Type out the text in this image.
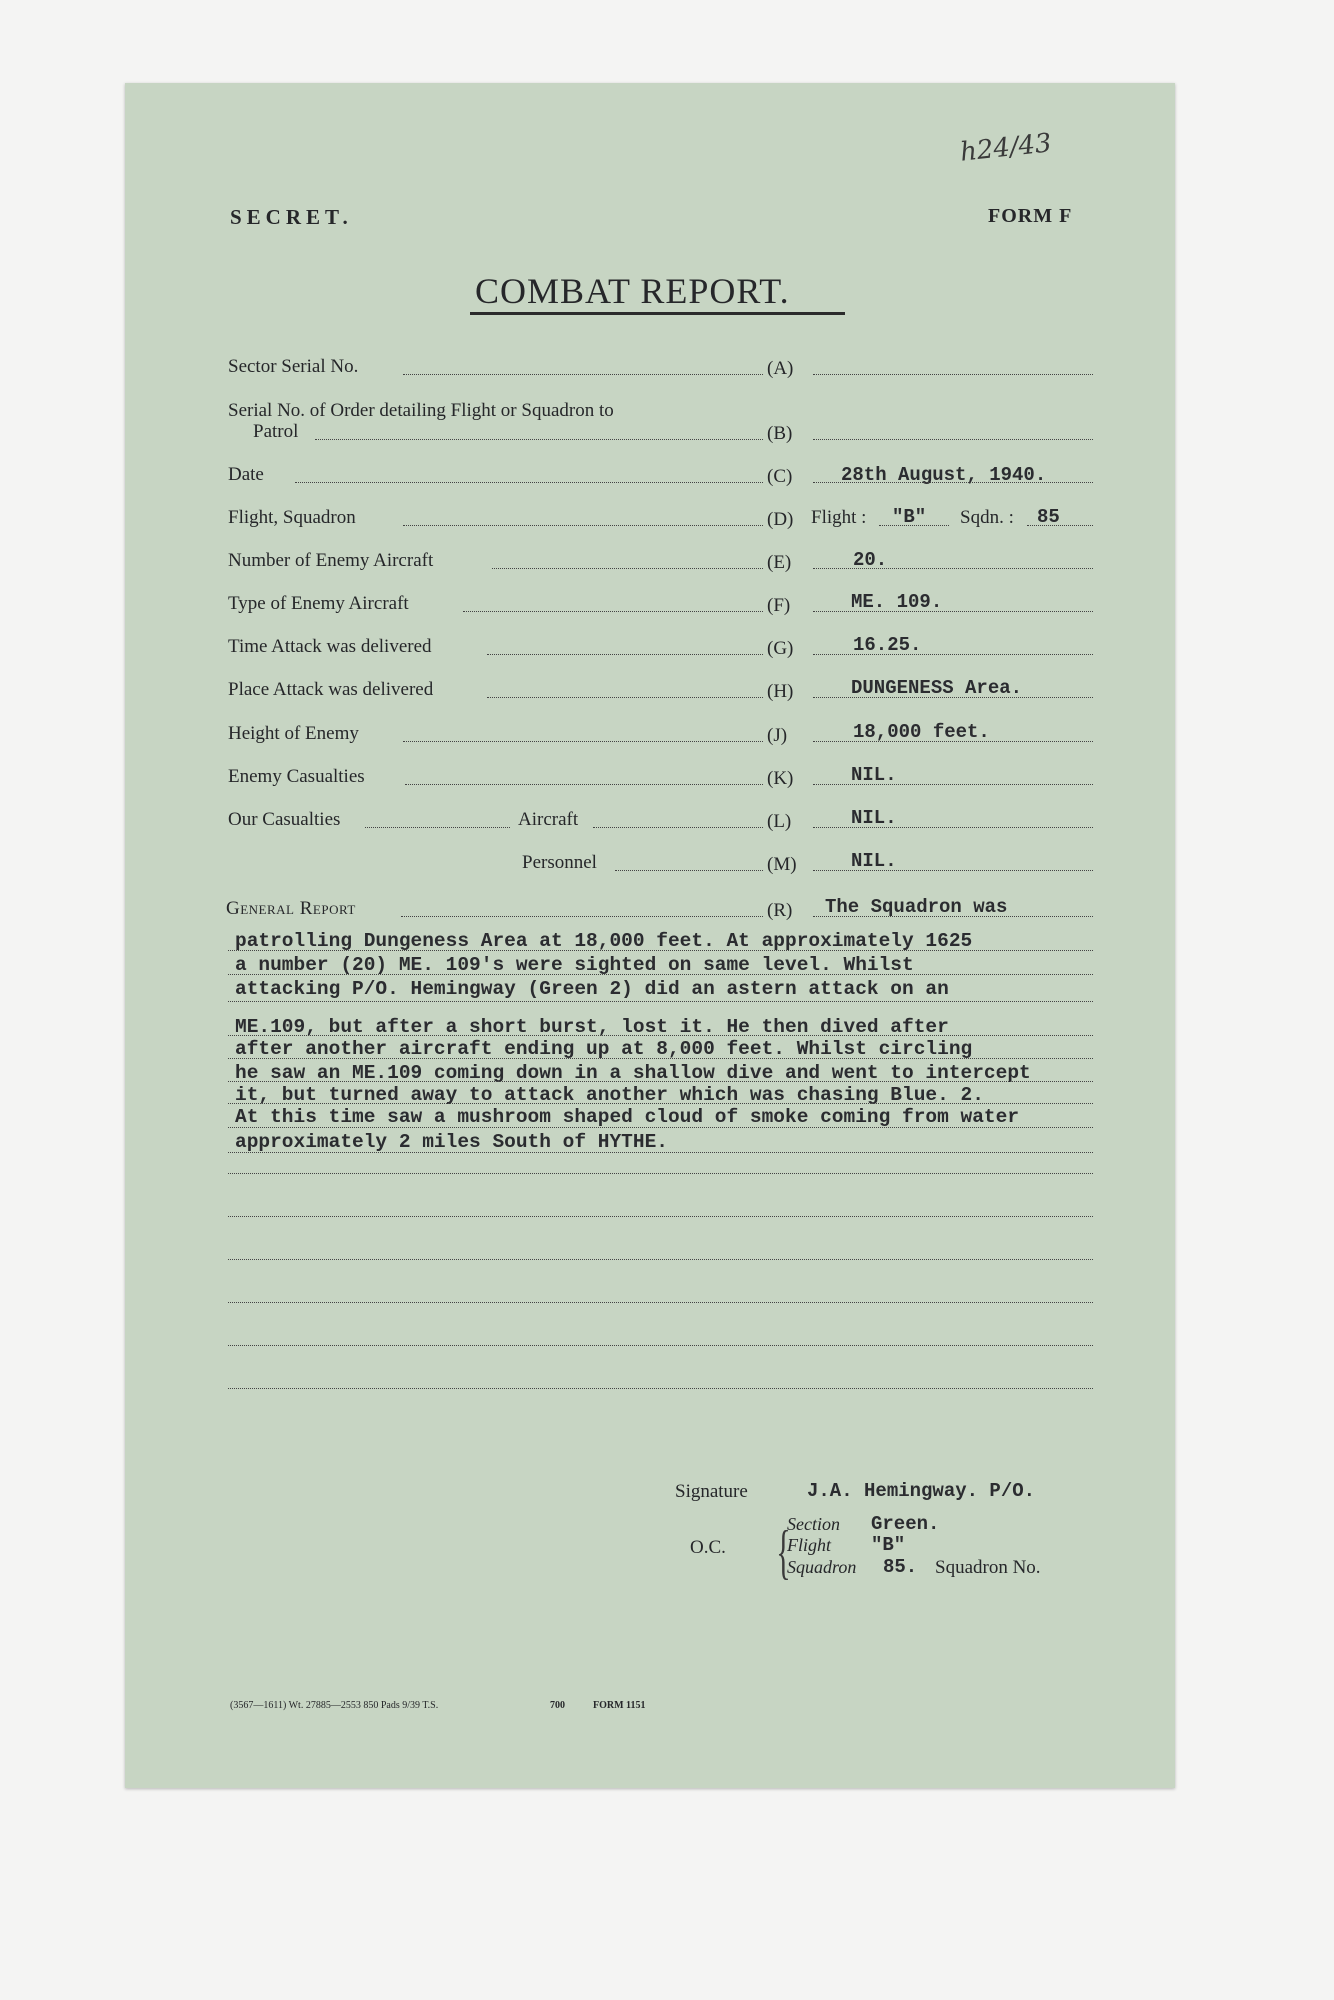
h24/43
SECRET.	FORM F
COMBAT REPORT.
Sector Serial No.	(A)
Serial No. of Order detailing Flight or Squadron to
Patrol	(B)
Date	(C)	28th August, 1940.
Flight, Squadron	(D) Flight : "B" Sqdn. : 85
Number of Enemy Aircraft	(E)	20.
Type of Enemy Aircraft	(F)	ME. 109.
Time Attack was delivered	(G)	16.25.
Place Attack was delivered	(H)	DUNGENESS Area.
Height of Enemy	(J)	18,000 feet.
Enemy Casualties	(K)	NIL.
Our Casualties	Aircraft	(L)	NIL.
Personnel	(M)	NIL.
General Report	(R) The Squadron was
patrolling Dungeness Area at 18,000 feet. At approximately 1625
a number (20) ME. 109's were sighted on same level. Whilst
attacking P/O. Hemingway (Green 2) did an astern attack on an
ME.109, but after a short burst, lost it. He then dived after
after another aircraft ending up at 8,000 feet. Whilst circling
he saw an ME.109 coming down in a shallow dive and went to intercept
it, but turned away to attack another which was chasing Blue. 2.
At this time saw a mushroom shaped cloud of smoke coming from water
approximately 2 miles South of HYTHE.
Signature	J.A. Hemingway. P/O.
O.C. {
Section Green.
Flight "B"
Squadron 85. Squadron No.
(3567—1611) Wt. 27885—2553 850 Pads 9/39 T.S.	700	FORM 1151
